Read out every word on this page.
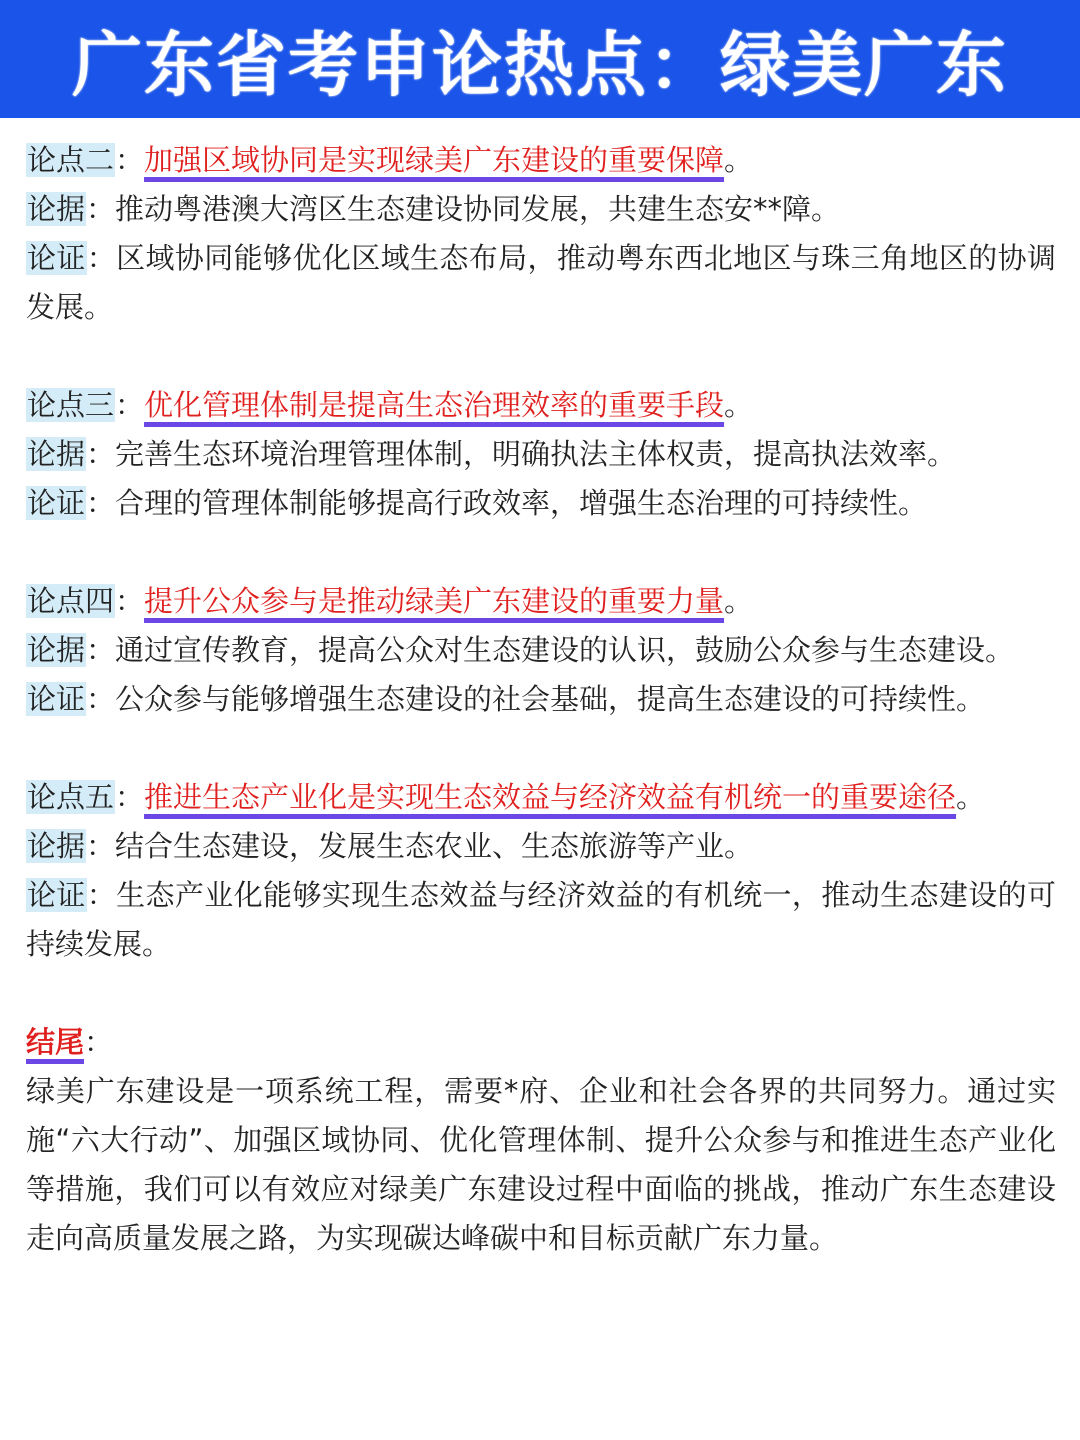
广东省考申论热点：绿美广东
论点二：加强区域协同是实现绿美广东建设的重要保障。
论据：推动粤港澳大湾区生态建设协同发展，共建生态安**障。
论证：区域协同能够优化区域生态布局，推动粤东西北地区与珠三角地区的协调发展。
论点三：优化管理体制是提高生态治理效率的重要手段。
论据：完善生态环境治理管理体制，明确执法主体权责，提高执法效率。
论证：合理的管理体制能够提高行政效率，增强生态治理的可持续性。
论点四：提升公众参与是推动绿美广东建设的重要力量。
论据：通过宣传教育，提高公众对生态建设的认识，鼓励公众参与生态建设。
论证：公众参与能够增强生态建设的社会基础，提高生态建设的可持续性。
论点五：推进生态产业化是实现生态效益与经济效益有机统一的重要途径。
论据：结合生态建设，发展生态农业、生态旅游等产业。
论证：生态产业化能够实现生态效益与经济效益的有机统一，推动生态建设的可持续发展。
结尾：
绿美广东建设是一项系统工程，需要*府、企业和社会各界的共同努力。通过实施“六大行动”、加强区域协同、优化管理体制、提升公众参与和推进生态产业化等措施，我们可以有效应对绿美广东建设过程中面临的挑战，推动广东生态建设走向高质量发展之路，为实现碳达峰碳中和目标贡献广东力量。
